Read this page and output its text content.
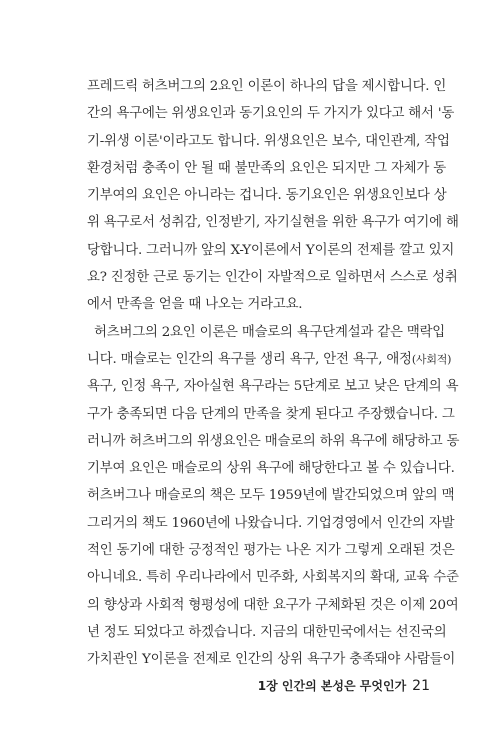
프레드릭 허츠버그의 2요인 이론이 하나의 답을 제시합니다. 인
간의 욕구에는 위생요인과 동기요인의 두 가지가 있다고 해서 '동
기-위생 이론'이라고도 합니다. 위생요인은 보수, 대인관계, 작업
환경처럼 충족이 안 될 때 불만족의 요인은 되지만 그 자체가 동
기부여의 요인은 아니라는 겁니다. 동기요인은 위생요인보다 상
위 욕구로서 성취감, 인정받기, 자기실현을 위한 욕구가 여기에 해
당합니다. 그러니까 앞의 X-Y이론에서 Y이론의 전제를 깔고 있지
요? 진정한 근로 동기는 인간이 자발적으로 일하면서 스스로 성취
에서 만족을 얻을 때 나오는 거라고요.
허츠버그의 2요인 이론은 매슬로의 욕구단계설과 같은 맥락입
니다. 매슬로는 인간의 욕구를 생리 욕구, 안전 욕구, 애정(사회적)
욕구, 인정 욕구, 자아실현 욕구라는 5단계로 보고 낮은 단계의 욕
구가 충족되면 다음 단계의 만족을 찾게 된다고 주장했습니다. 그
러니까 허츠버그의 위생요인은 매슬로의 하위 욕구에 해당하고 동
기부여 요인은 매슬로의 상위 욕구에 해당한다고 볼 수 있습니다.
허츠버그나 매슬로의 책은 모두 1959년에 발간되었으며 앞의 맥
그리거의 책도 1960년에 나왔습니다. 기업경영에서 인간의 자발
적인 동기에 대한 긍정적인 평가는 나온 지가 그렇게 오래된 것은
아니네요. 특히 우리나라에서 민주화, 사회복지의 확대, 교육 수준
의 향상과 사회적 형평성에 대한 요구가 구체화된 것은 이제 20여
년 정도 되었다고 하겠습니다. 지금의 대한민국에서는 선진국의
가치관인 Y이론을 전제로 인간의 상위 욕구가 충족돼야 사람들이
1장 인간의 본성은 무엇인가 21
